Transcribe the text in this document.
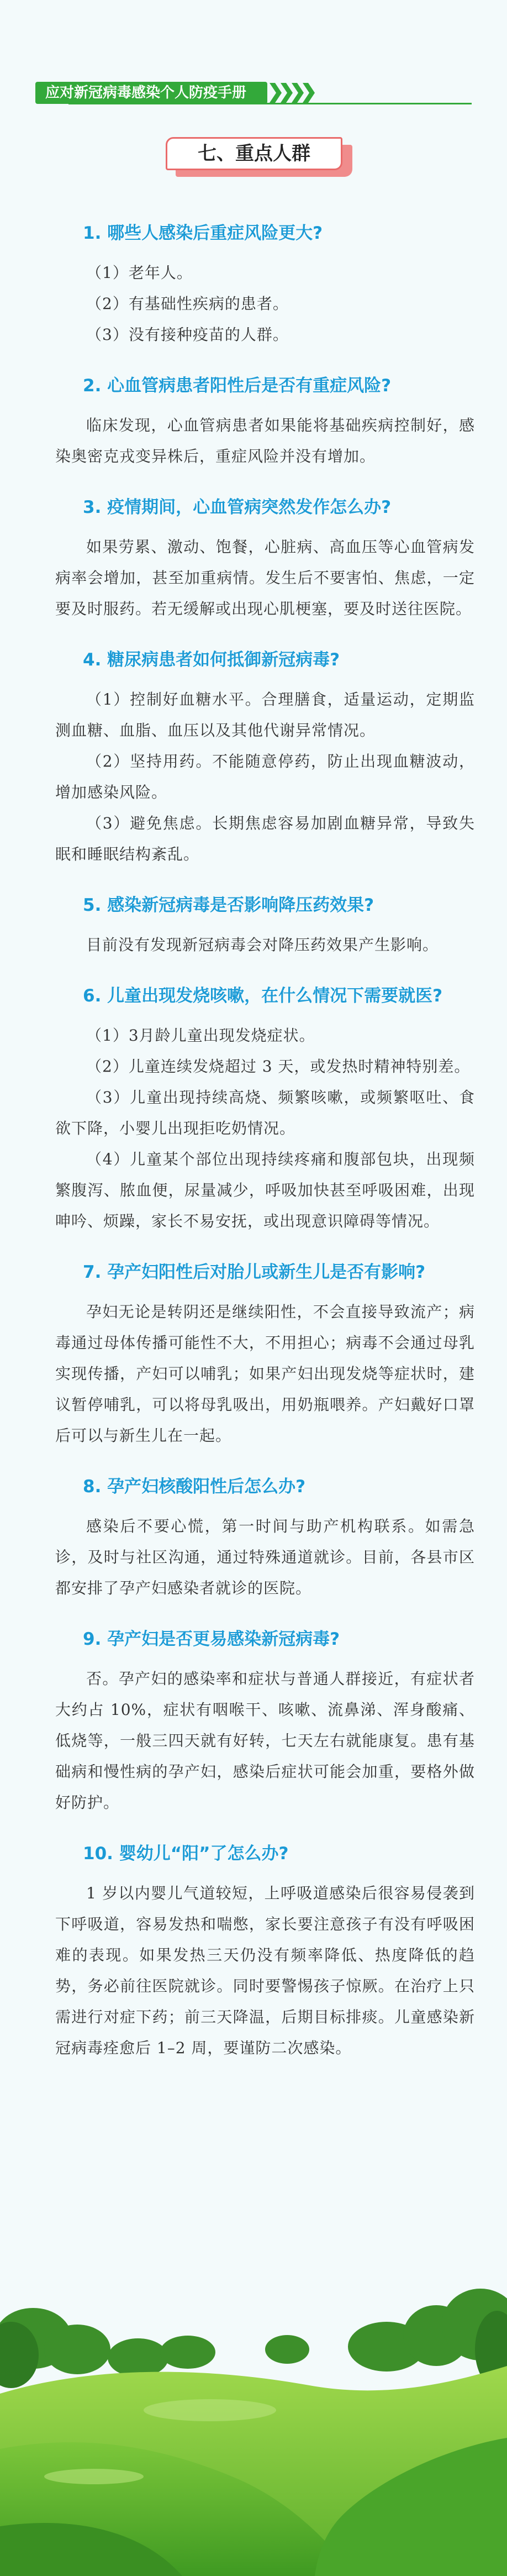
应对新冠病毒感染个人防疫手册
七、重点人群
1. 哪些人感染后重症风险更大?

（1）老年人。

（2）有基础性疾病的患者。

（3）没有接种疫苗的人群。

2. 心血管病患者阳性后是否有重症风险?

临床发现，心血管病患者如果能将基础疾病控制好，感染奥密克戎变异株后，重症风险并没有增加。

3. 疫情期间，心血管病突然发作怎么办?

如果劳累、激动、饱餐，心脏病、高血压等心血管病发病率会增加，甚至加重病情。发生后不要害怕、焦虑，一定要及时服药。若无缓解或出现心肌梗塞，要及时送往医院。

4. 糖尿病患者如何抵御新冠病毒?

（1）控制好血糖水平。合理膳食，适量运动，定期监测血糖、血脂、血压以及其他代谢异常情况。

（2）坚持用药。不能随意停药，防止出现血糖波动，增加感染风险。

（3）避免焦虑。长期焦虑容易加剧血糖异常，导致失眠和睡眠结构紊乱。

5. 感染新冠病毒是否影响降压药效果?

目前没有发现新冠病毒会对降压药效果产生影响。

6. 儿童出现发烧咳嗽，在什么情况下需要就医?

（1）3月龄儿童出现发烧症状。

（2）儿童连续发烧超过 3 天，或发热时精神特别差。

（3）儿童出现持续高烧、频繁咳嗽，或频繁呕吐、食欲下降，小婴儿出现拒吃奶情况。

（4）儿童某个部位出现持续疼痛和腹部包块，出现频繁腹泻、脓血便，尿量减少，呼吸加快甚至呼吸困难，出现呻吟、烦躁，家长不易安抚，或出现意识障碍等情况。

7. 孕产妇阳性后对胎儿或新生儿是否有影响?

孕妇无论是转阴还是继续阳性，不会直接导致流产；病毒通过母体传播可能性不大，不用担心；病毒不会通过母乳实现传播，产妇可以哺乳；如果产妇出现发烧等症状时，建议暂停哺乳，可以将母乳吸出，用奶瓶喂养。产妇戴好口罩后可以与新生儿在一起。

8. 孕产妇核酸阳性后怎么办?

感染后不要心慌，第一时间与助产机构联系。如需急诊，及时与社区沟通，通过特殊通道就诊。目前，各县市区都安排了孕产妇感染者就诊的医院。

9. 孕产妇是否更易感染新冠病毒?

否。孕产妇的感染率和症状与普通人群接近，有症状者大约占 10%，症状有咽喉干、咳嗽、流鼻涕、浑身酸痛、低烧等，一般三四天就有好转，七天左右就能康复。患有基础病和慢性病的孕产妇，感染后症状可能会加重，要格外做好防护。

10. 婴幼儿“阳”了怎么办?

1 岁以内婴儿气道较短，上呼吸道感染后很容易侵袭到下呼吸道，容易发热和喘憋，家长要注意孩子有没有呼吸困难的表现。如果发热三天仍没有频率降低、热度降低的趋势，务必前往医院就诊。同时要警惕孩子惊厥。在治疗上只需进行对症下药；前三天降温，后期目标排痰。儿童感染新冠病毒痊愈后 1–2 周，要谨防二次感染。
